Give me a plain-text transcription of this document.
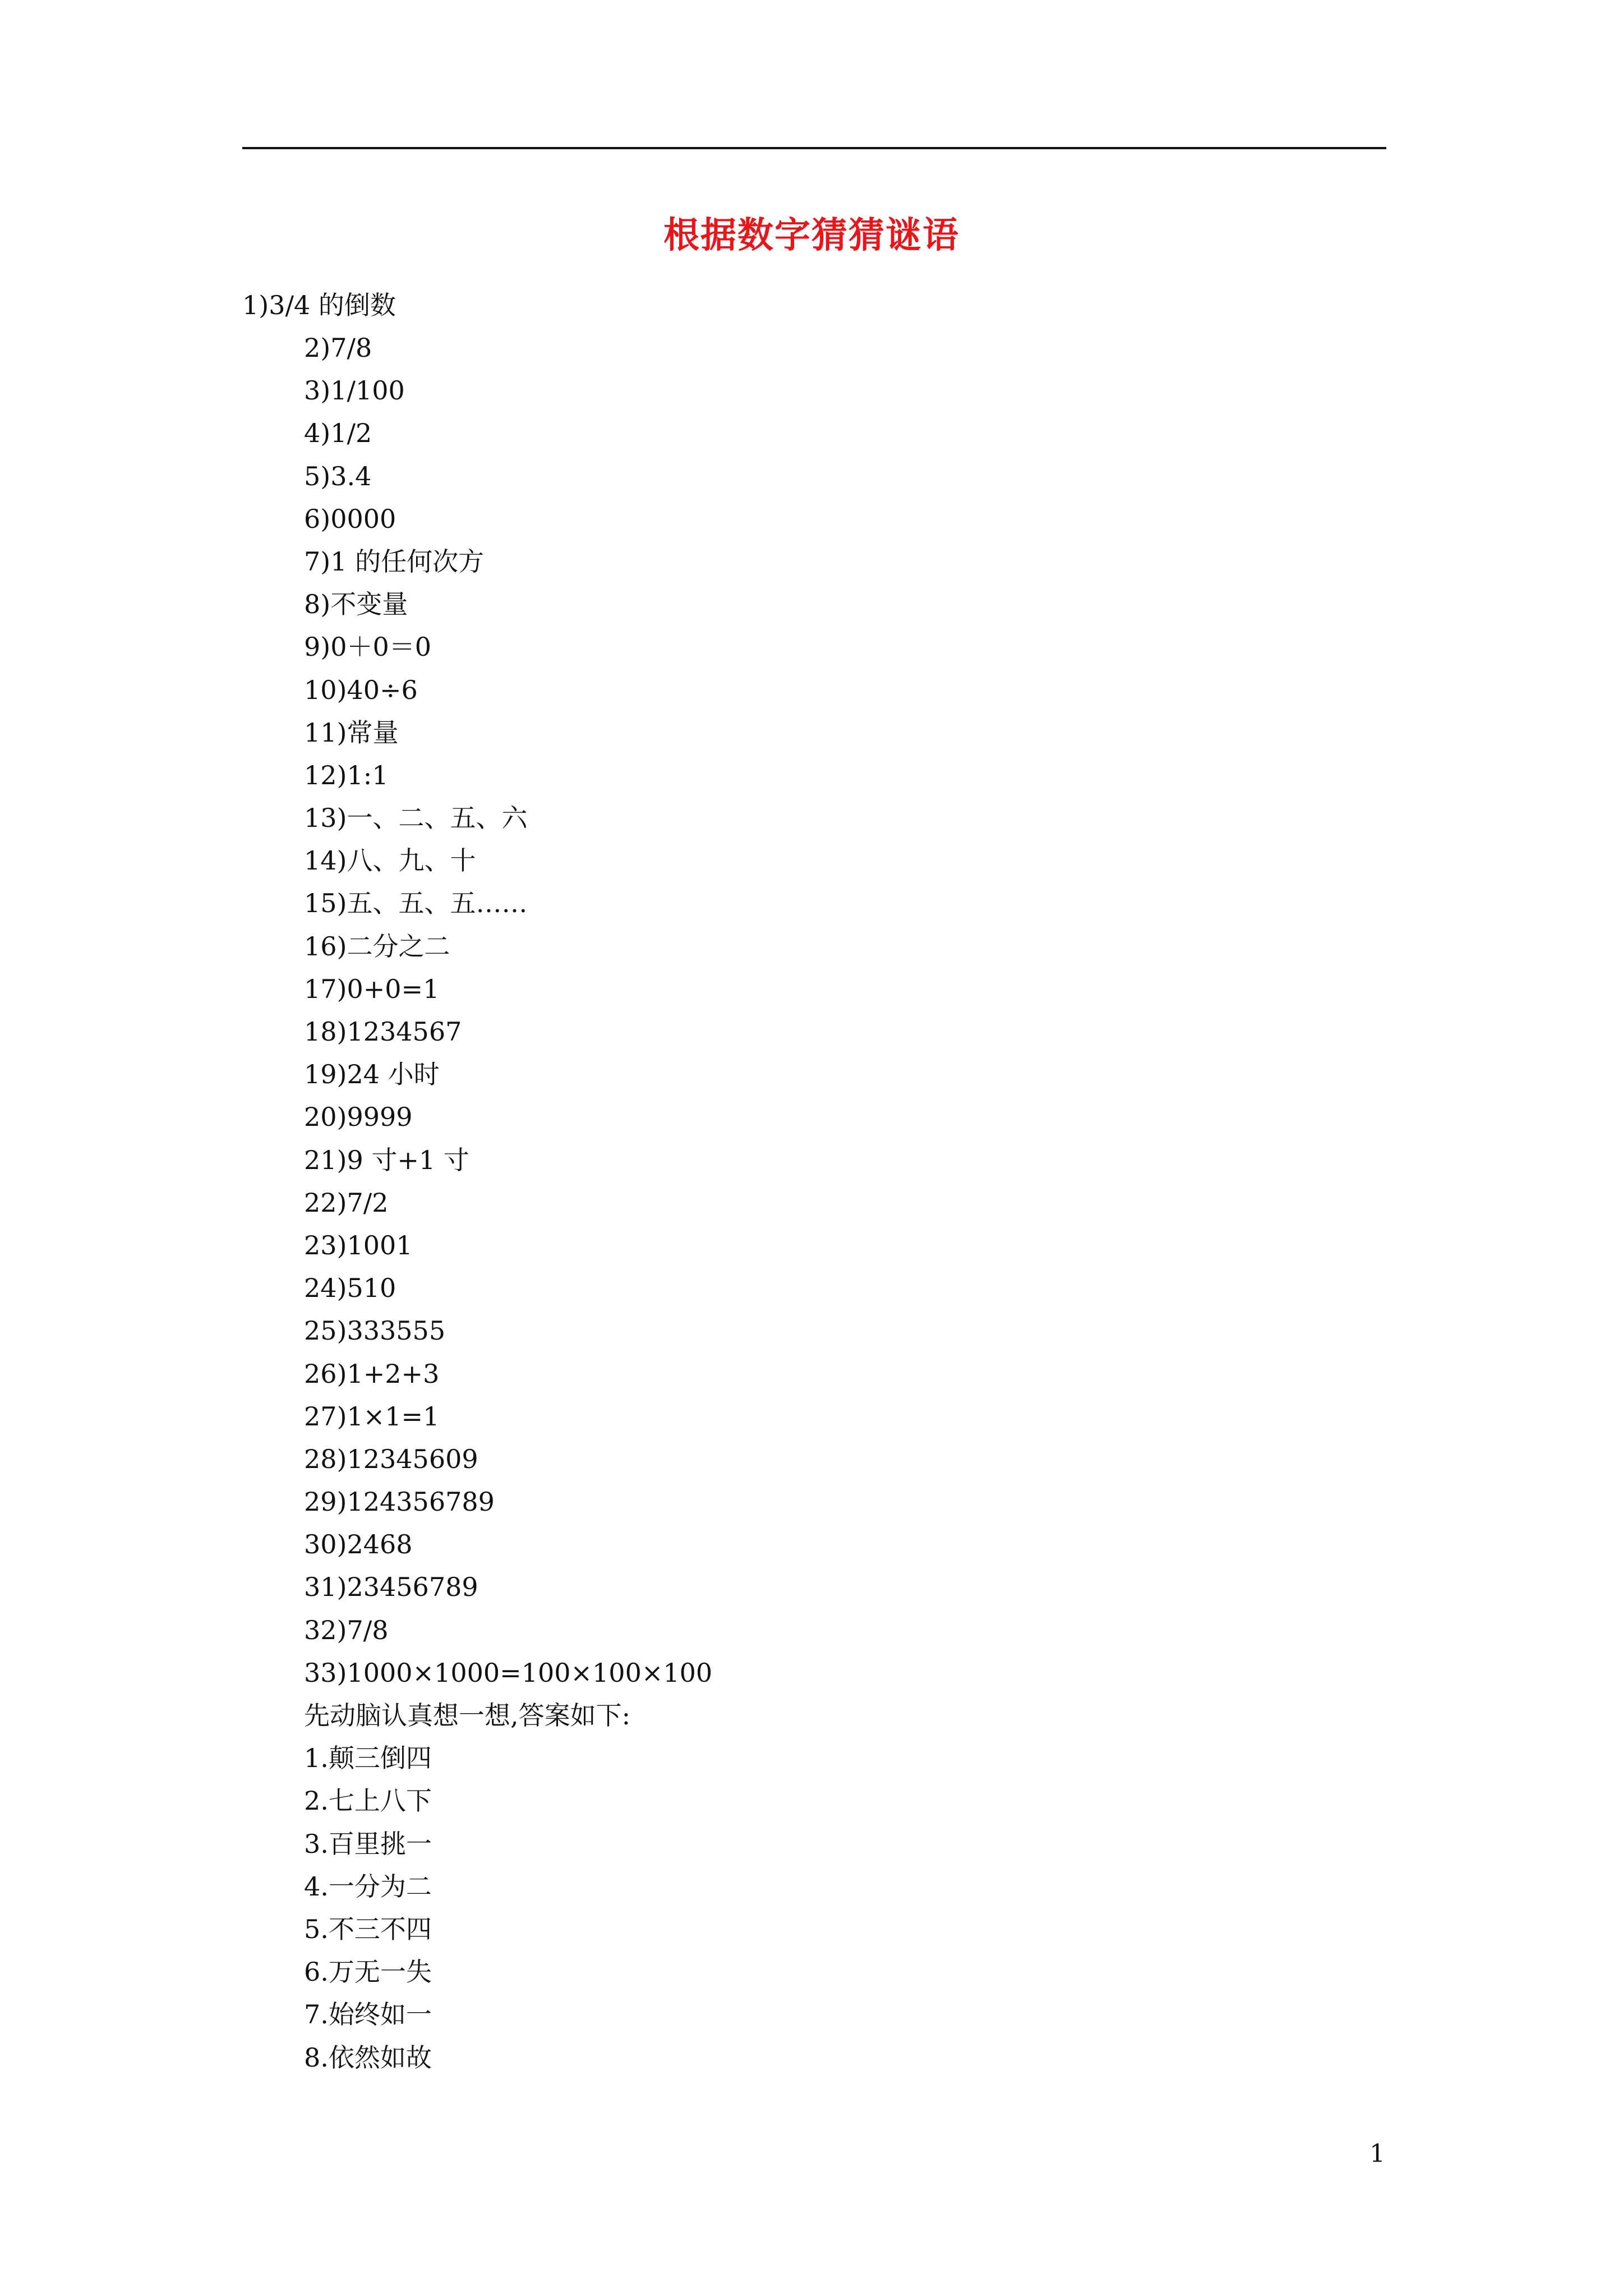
根据数字猜猜谜语
1)3/4 的倒数
2)7/8
3)1/100
4)1/2
5)3.4
6)0000
7)1 的任何次方
8)不变量
9)0＋0＝0
10)40÷6
11)常量
12)1:1
13)一、二、五、六
14)八、九、十
15)五、五、五……
16)二分之二
17)0+0=1
18)1234567
19)24 小时
20)9999
21)9 寸+1 寸
22)7/2
23)1001
24)510
25)333555
26)1+2+3
27)1×1=1
28)12345609
29)124356789
30)2468
31)23456789
32)7/8
33)1000×1000=100×100×100
先动脑认真想一想,答案如下:
1.颠三倒四
2.七上八下
3.百里挑一
4.一分为二
5.不三不四
6.万无一失
7.始终如一
8.依然如故
1
